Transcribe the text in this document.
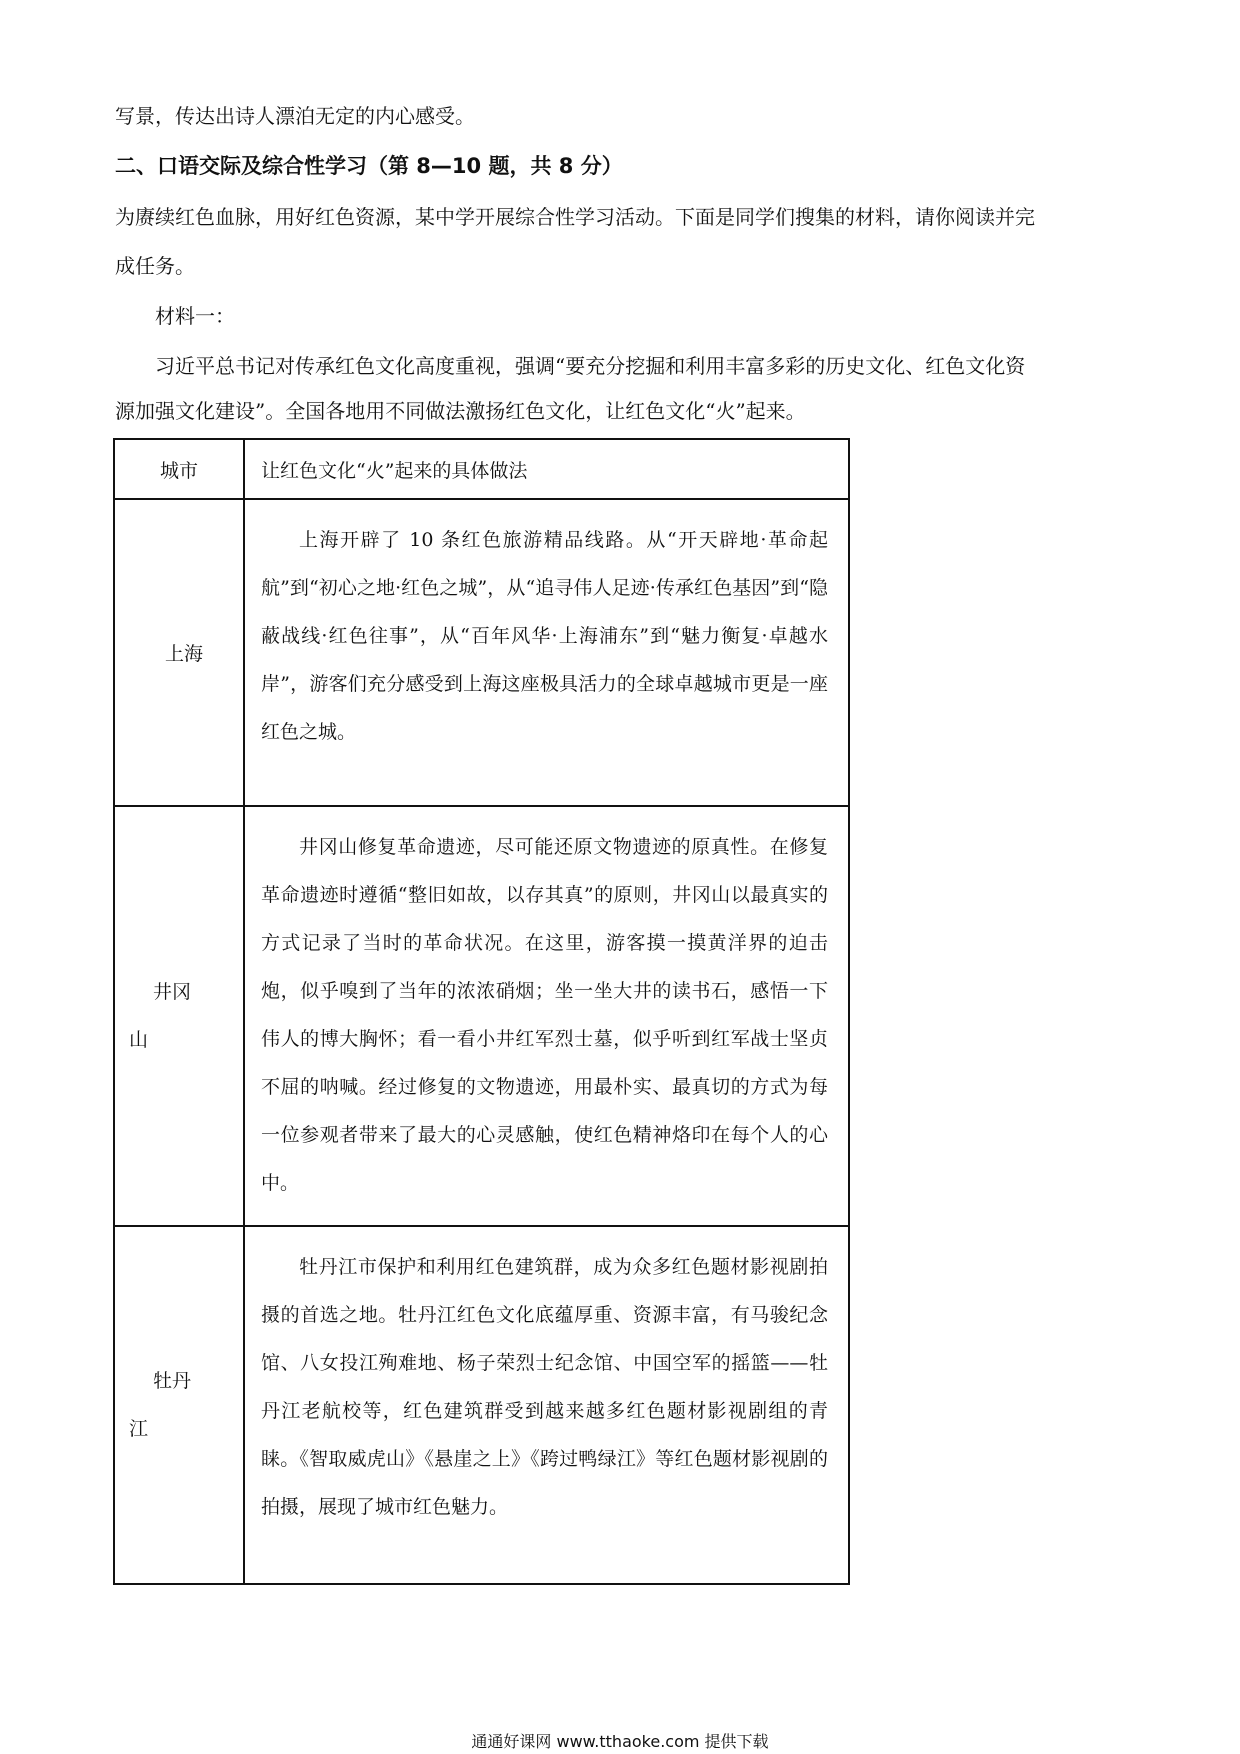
写景，传达出诗人漂泊无定的内心感受。
二、口语交际及综合性学习（第 8—10 题，共 8 分）
为赓续红色血脉，用好红色资源，某中学开展综合性学习活动。下面是同学们搜集的材料，请你阅读并完
成任务。
材料一：
习近平总书记对传承红色文化高度重视，强调“要充分挖掘和利用丰富多彩的历史文化、红色文化资
源加强文化建设”。全国各地用不同做法激扬红色文化，让红色文化“火”起来。
城市	让红色文化“火”起来的具体做法

上海	上海开辟了 10 条红色旅游精品线路。从“开天辟地·革命起航”到“初心之地·红色之城”，从“追寻伟人足迹·传承红色基因”到“隐蔽战线·红色往事”，从“百年风华·上海浦东”到“魅力衡复·卓越水岸”，游客们充分感受到上海这座极具活力的全球卓越城市更是一座红色之城。

井冈
山	井冈山修复革命遗迹，尽可能还原文物遗迹的原真性。在修复革命遗迹时遵循“整旧如故，以存其真”的原则，井冈山以最真实的方式记录了当时的革命状况。在这里，游客摸一摸黄洋界的迫击炮，似乎嗅到了当年的浓浓硝烟；坐一坐大井的读书石，感悟一下伟人的博大胸怀；看一看小井红军烈士墓，似乎听到红军战士坚贞不屈的呐喊。经过修复的文物遗迹，用最朴实、最真切的方式为每一位参观者带来了最大的心灵感触，使红色精神烙印在每个人的心中。

牡丹
江	牡丹江市保护和利用红色建筑群，成为众多红色题材影视剧拍摄的首选之地。牡丹江红色文化底蕴厚重、资源丰富，有马骏纪念馆、八女投江殉难地、杨子荣烈士纪念馆、中国空军的摇篮——牡丹江老航校等，红色建筑群受到越来越多红色题材影视剧组的青睐。《智取威虎山》《悬崖之上》《跨过鸭绿江》等红色题材影视剧的拍摄，展现了城市红色魅力。

通通好课网 www.tthaoke.com 提供下载
